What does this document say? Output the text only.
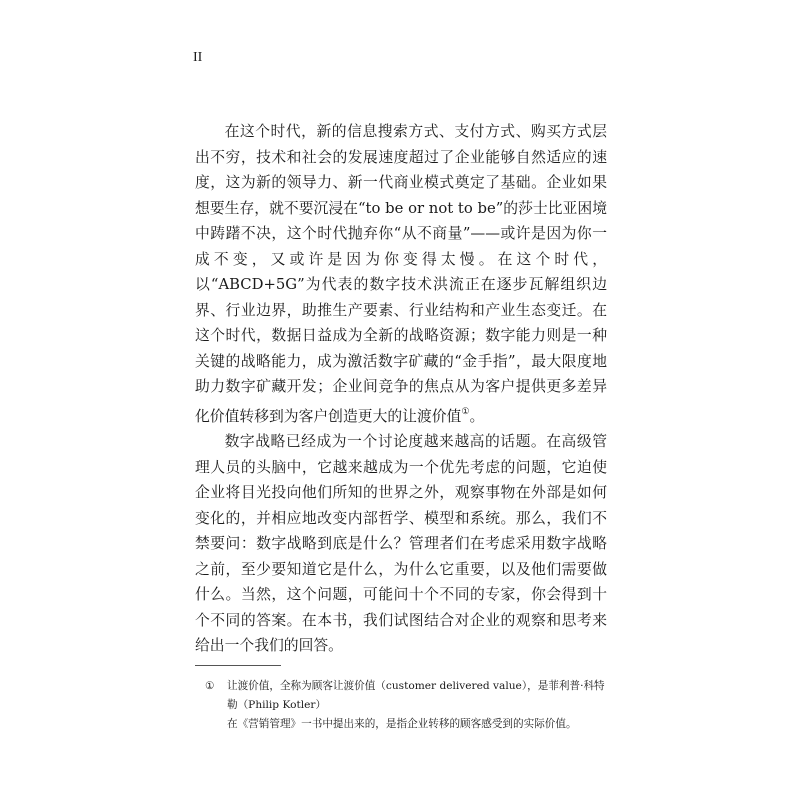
II

在这个时代，新的信息搜索方式、支付方式、购买方式层出不穷，技术和社会的发展速度超过了企业能够自然适应的速度，这为新的领导力、新一代商业模式奠定了基础。企业如果想要生存，就不要沉浸在“to be or not to be”的莎士比亚困境中踌躇不决，这个时代抛弃你“从不商量”——或许是因为你一成不变，又或许是因为你变得太慢。在这个时代，以“ABCD+5G”为代表的数字技术洪流正在逐步瓦解组织边界、行业边界，助推生产要素、行业结构和产业生态变迁。在这个时代，数据日益成为全新的战略资源；数字能力则是一种关键的战略能力，成为激活数字矿藏的“金手指”，最大限度地助力数字矿藏开发；企业间竞争的焦点从为客户提供更多差异化价值转移到为客户创造更大的让渡价值①。

数字战略已经成为一个讨论度越来越高的话题。在高级管理人员的头脑中，它越来越成为一个优先考虑的问题，它迫使企业将目光投向他们所知的世界之外，观察事物在外部是如何变化的，并相应地改变内部哲学、模型和系统。那么，我们不禁要问：数字战略到底是什么？管理者们在考虑采用数字战略之前，至少要知道它是什么，为什么它重要，以及他们需要做什么。当然，这个问题，可能问十个不同的专家，你会得到十个不同的答案。在本书，我们试图结合对企业的观察和思考来给出一个我们的回答。

①	让渡价值，全称为顾客让渡价值（customer delivered value），是菲利普·科特勒（Philip Kotler）
在《营销管理》一书中提出来的，是指企业转移的顾客感受到的实际价值。
